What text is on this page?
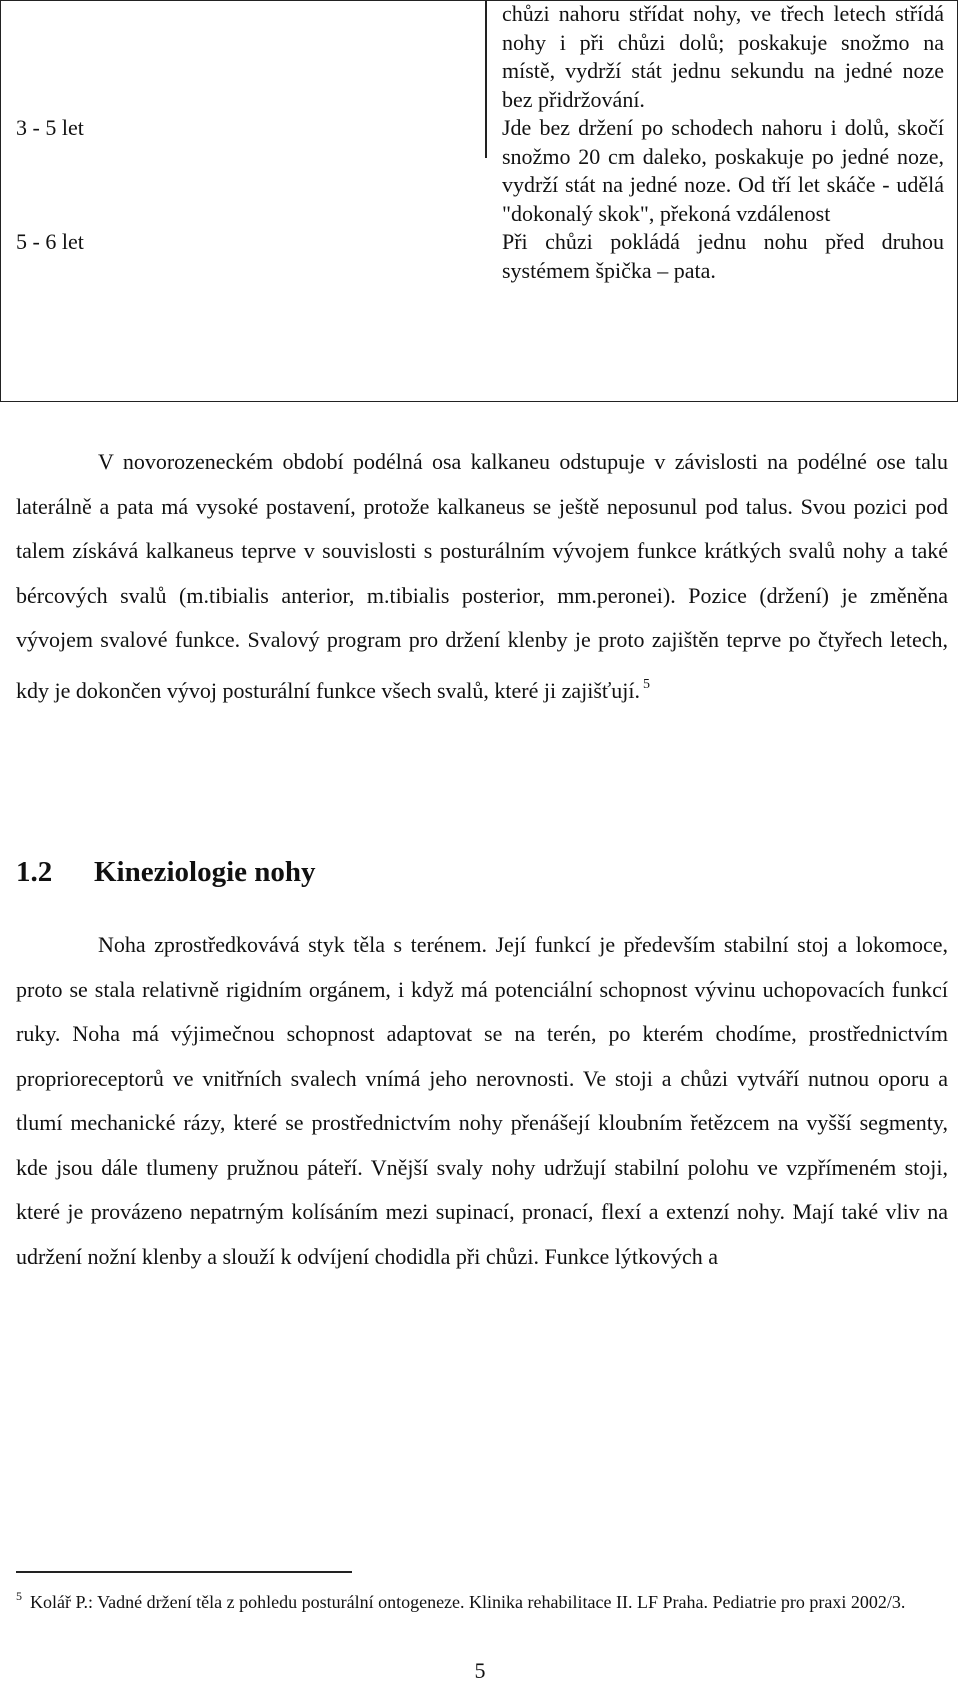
	chůzi nahoru střídat nohy, ve třech letech střídá nohy i při chůzi dolů; poskakuje snožmo na místě, vydrží stát jednu sekundu na jedné noze bez přidržování.
3 - 5 let	Jde bez držení po schodech nahoru i dolů, skočí snožmo 20 cm daleko, poskakuje po jedné noze, vydrží stát na jedné noze. Od tří let skáče - udělá "dokonalý skok", překoná vzdálenost
5 - 6 let	Při chůzi pokládá jednu nohu před druhou systémem špička – pata.

V novorozeneckém období podélná osa kalkaneu odstupuje v závislosti na podélné ose talu laterálně a pata má vysoké postavení, protože kalkaneus se ještě neposunul pod talus. Svou pozici pod talem získává kalkaneus teprve v souvislosti s posturálním vývojem funkce krátkých svalů nohy a také bércových svalů (m.tibialis anterior, m.tibialis posterior, mm.peronei). Pozice (držení) je změněna vývojem svalové funkce. Svalový program pro držení klenby je proto zajištěn teprve po čtyřech letech, kdy je dokončen vývoj posturální funkce všech svalů, které ji zajišťují. $^5$

1.2 Kineziologie nohy

Noha zprostředkovává styk těla s terénem. Její funkcí je především stabilní stoj a lokomoce, proto se stala relativně rigidním orgánem, i když má potenciální schopnost vývinu uchopovacích funkcí ruky. Noha má výjimečnou schopnost adaptovat se na terén, po kterém chodíme, prostřednictvím proprioreceptorů ve vnitřních svalech vnímá jeho nerovnosti. Ve stoji a chůzi vytváří nutnou oporu a tlumí mechanické rázy, které se prostřednictvím nohy přenášejí kloubním řetězcem na vyšší segmenty, kde jsou dále tlumeny pružnou páteří. Vnější svaly nohy udržují stabilní polohu ve vzpřímeném stoji, které je provázeno nepatrným kolísáním mezi supinací, pronací, flexí a extenzí nohy. Mají také vliv na udržení nožní klenby a slouží k odvíjení chodidla při chůzi. Funkce lýtkových a

$^5$ Kolář P.: Vadné držení těla z pohledu posturální ontogeneze. Klinika rehabilitace II. LF Praha. Pediatrie pro praxi 2002/3.

5
